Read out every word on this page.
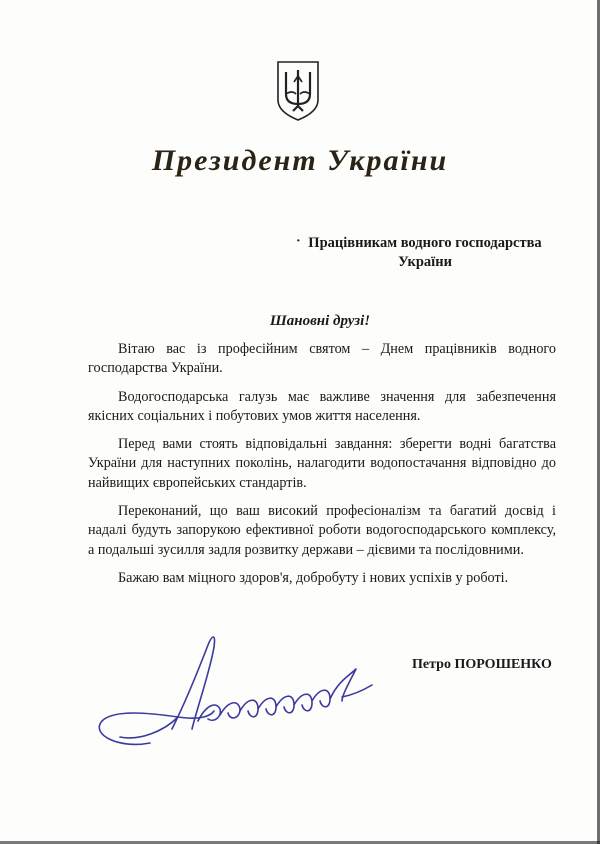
Президент України
· Працівникам водного господарства
України
Шановні друзі!

Вітаю вас із професійним святом – Днем працівників водного господарства України.

Водогосподарська галузь має важливе значення для забезпечення якісних соціальних і побутових умов життя населення.

Перед вами стоять відповідальні завдання: зберегти водні багатства України для наступних поколінь, налагодити водопостачання відповідно до найвищих європейських стандартів.

Переконаний, що ваш високий професіоналізм та багатий досвід і надалі будуть запорукою ефективної роботи водогосподарського комплексу, а подальші зусилля задля розвитку держави – дієвими та послідовними.

Бажаю вам міцного здоров'я, добробуту і нових успіхів у роботі.

Петро ПОРОШЕНКО
